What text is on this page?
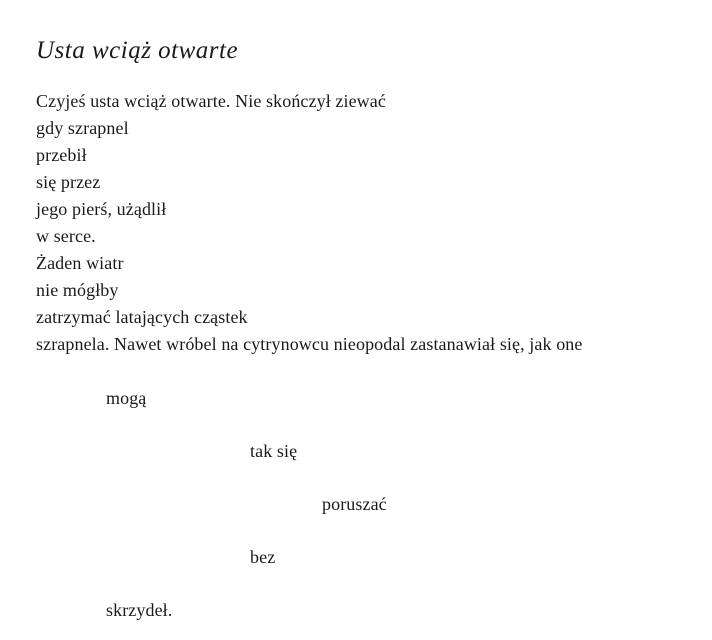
Usta wciąż otwarte
Czyjeś usta wciąż otwarte. Nie skończył ziewać
gdy szrapnel
przebił
się przez
jego pierś, użądlił
w serce.
Żaden wiatr
nie mógłby
zatrzymać latających cząstek
szrapnela. Nawet wróbel na cytrynowcu nieopodal zastanawiał się, jak one
mogą
tak się
poruszać
bez
skrzydeł.
